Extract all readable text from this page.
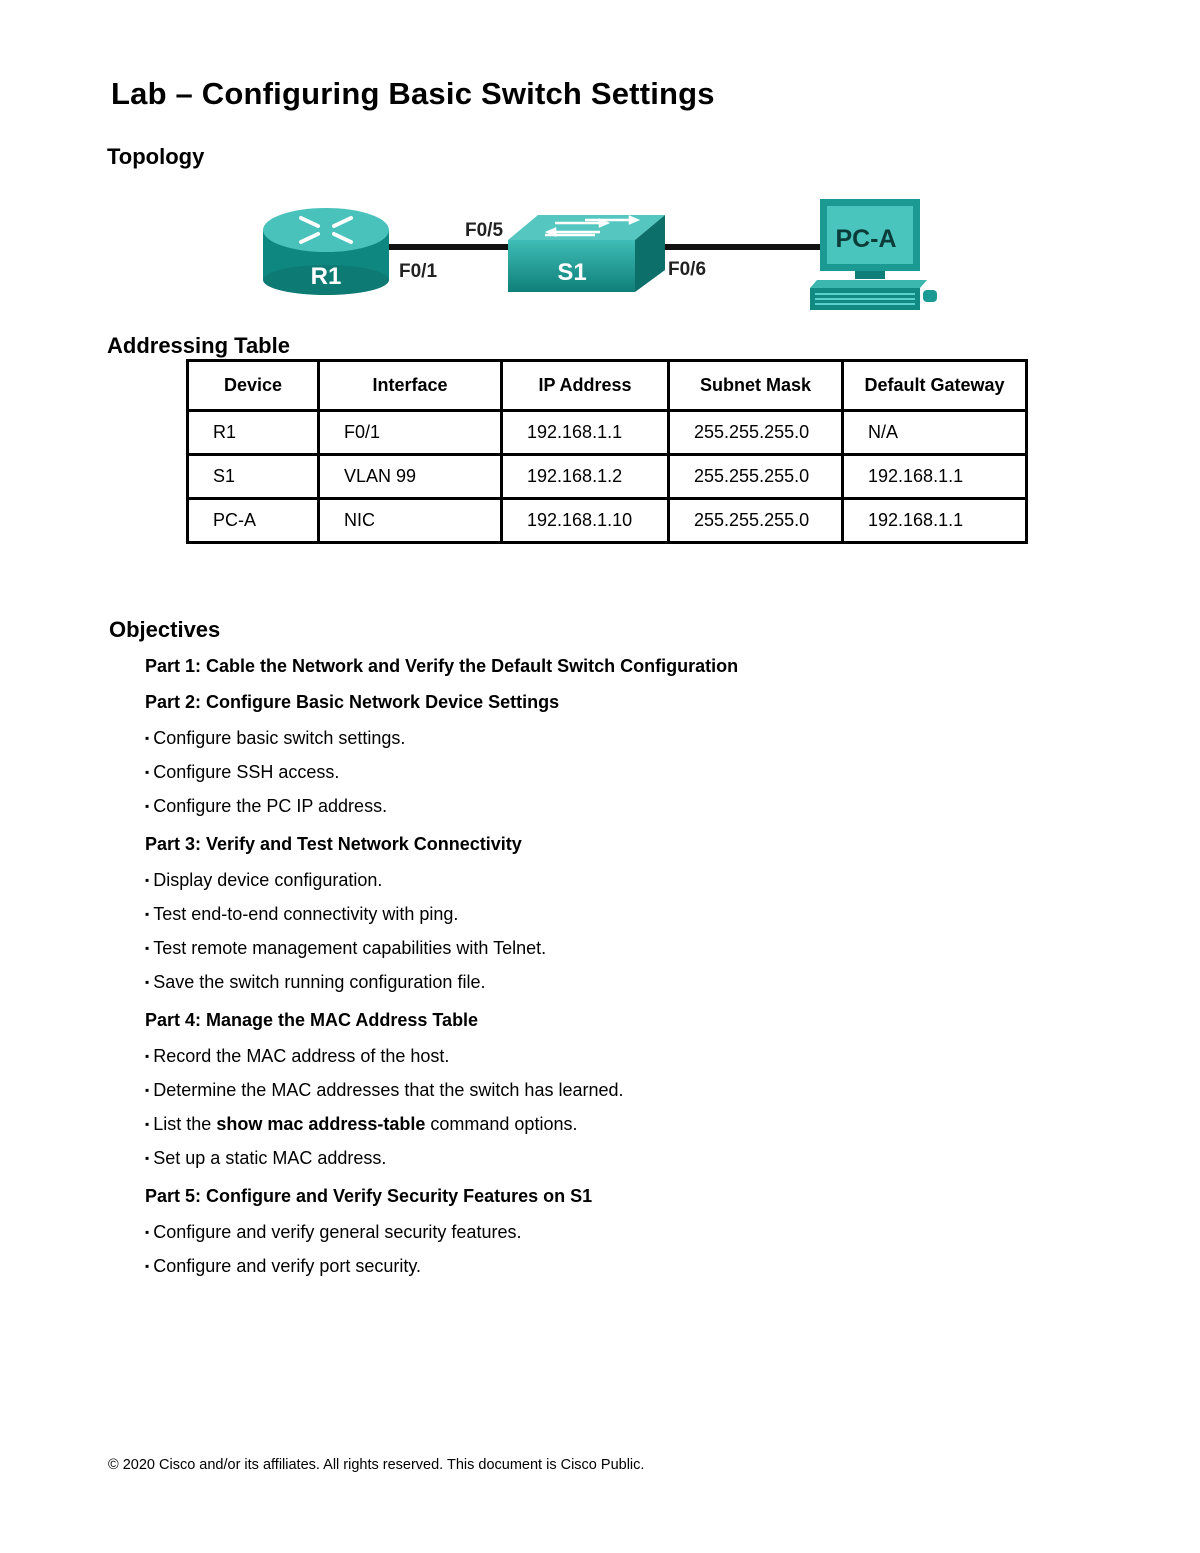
Lab – Configuring Basic Switch Settings
Topology
R1	F0/1	S1
F0/5
F0/6
PC-A
Addressing Table
Device	Interface	IP Address	Subnet Mask	Default Gateway
R1	F0/1	192.168.1.1	255.255.255.0	N/A
S1	VLAN 99	192.168.1.2	255.255.255.0	192.168.1.1
PC-A	NIC	192.168.1.10	255.255.255.0	192.168.1.1
Objectives

Part 1: Cable the Network and Verify the Default Switch Configuration

Part 2: Configure Basic Network Device Settings

▪ Configure basic switch settings.

▪ Configure SSH access.

▪ Configure the PC IP address.

Part 3: Verify and Test Network Connectivity

▪ Display device configuration.

▪ Test end-to-end connectivity with ping.

▪ Test remote management capabilities with Telnet.

▪ Save the switch running configuration file.

Part 4: Manage the MAC Address Table

▪ Record the MAC address of the host.

▪ Determine the MAC addresses that the switch has learned.

▪ List the show mac address-table command options.

▪ Set up a static MAC address.

Part 5: Configure and Verify Security Features on S1

▪ Configure and verify general security features.

▪ Configure and verify port security.

© 2020 Cisco and/or its affiliates. All rights reserved. This document is Cisco Public.
